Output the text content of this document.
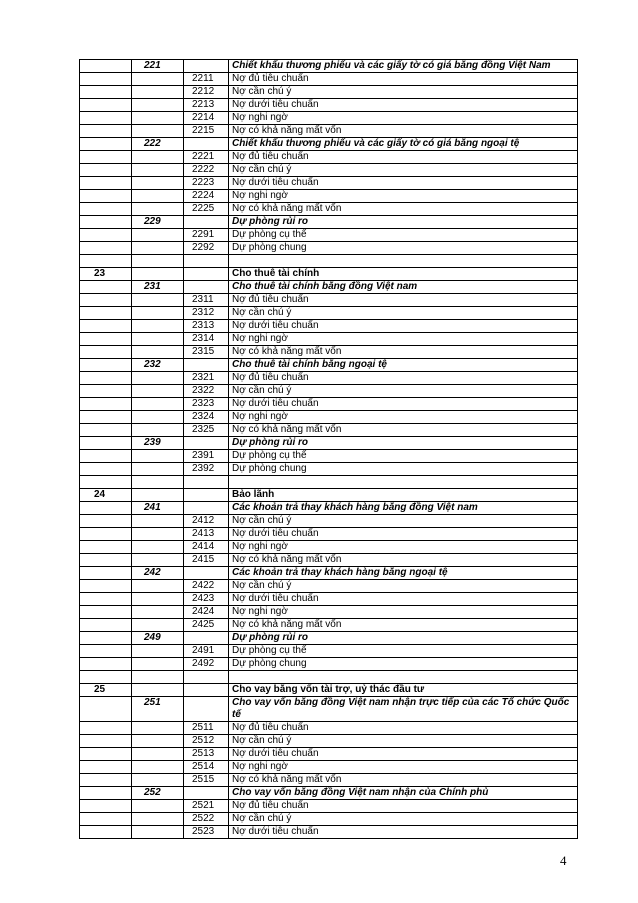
	221		Chiết khấu thương phiếu và các giấy tờ có giá bằng đồng Việt Nam
		2211	Nợ đủ tiêu chuẩn
		2212	Nợ cần chú ý
		2213	Nợ dưới tiêu chuẩn
		2214	Nợ nghi ngờ
		2215	Nợ có khả năng mất vốn
	222		Chiết khấu thương phiếu và các giấy tờ có giá bằng ngoại tệ
		2221	Nợ đủ tiêu chuẩn
		2222	Nợ cần chú ý
		2223	Nợ dưới tiêu chuẩn
		2224	Nợ nghi ngờ
		2225	Nợ có khả năng mất vốn
	229		Dự phòng rủi ro
		2291	Dự phòng cụ thể
		2292	Dự phòng chung

23			Cho thuê tài chính
	231		Cho thuê tài chính bằng đồng Việt nam
		2311	Nợ đủ tiêu chuẩn
		2312	Nợ cần chú ý
		2313	Nợ dưới tiêu chuẩn
		2314	Nợ nghi ngờ
		2315	Nợ có khả năng mất vốn
	232		Cho thuê tài chính bằng ngoại tệ
		2321	Nợ đủ tiêu chuẩn
		2322	Nợ cần chú ý
		2323	Nợ dưới tiêu chuẩn
		2324	Nợ nghi ngờ
		2325	Nợ có khả năng mất vốn
	239		Dự phòng rủi ro
		2391	Dự phòng cụ thể
		2392	Dự phòng chung

24			Bảo lãnh
	241		Các khoản trả thay khách hàng bằng đồng Việt nam
		2412	Nợ cần chú ý
		2413	Nợ dưới tiêu chuẩn
		2414	Nợ nghi ngờ
		2415	Nợ có khả năng mất vốn
	242		Các khoản trả thay khách hàng bằng ngoại tệ
		2422	Nợ cần chú ý
		2423	Nợ dưới tiêu chuẩn
		2424	Nợ nghi ngờ
		2425	Nợ có khả năng mất vốn
	249		Dự phòng rủi ro
		2491	Dự phòng cụ thể
		2492	Dự phòng chung

25			Cho vay bằng vốn tài trợ, uỷ thác đầu tư
	251		Cho vay vốn bằng đồng Việt nam nhận trực tiếp của các Tổ chức Quốc tế
		2511	Nợ đủ tiêu chuẩn
		2512	Nợ cần chú ý
		2513	Nợ dưới tiêu chuẩn
		2514	Nợ nghi ngờ
		2515	Nợ có khả năng mất vốn
	252		Cho vay vốn bằng đồng Việt nam nhận của Chính phủ
		2521	Nợ đủ tiêu chuẩn
		2522	Nợ cần chú ý
		2523	Nợ dưới tiêu chuẩn
4
